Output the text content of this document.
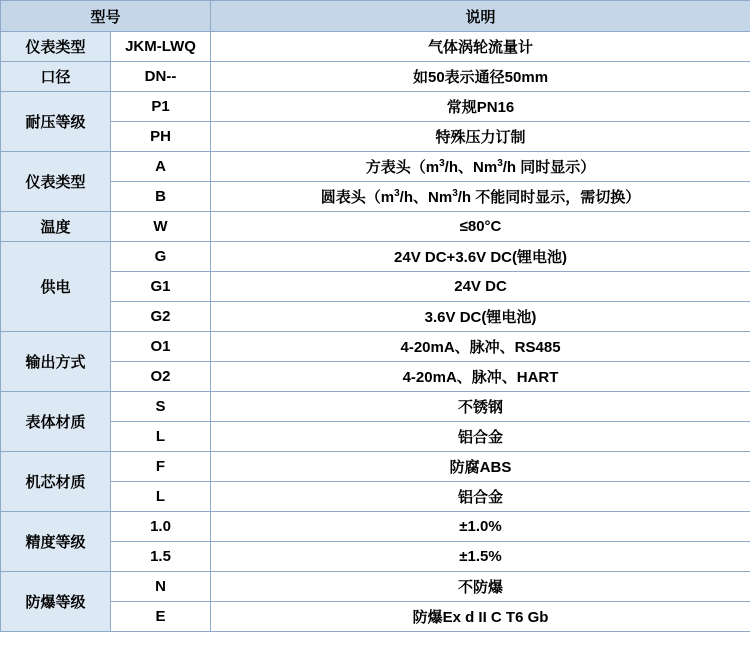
型号		说明
仪表类型	JKM-LWQ	气体涡轮流量计
口径	DN--	如50表示通径50mm
耐压等级	P1	常规PN16
	PH	特殊压力订制
仪表类型	A	方表头（$m^3/h$、Nm$^3$/h 同时显示）
	B	圆表头（$m^3/h$、Nm$^3$/h 不能同时显示，需切换）
温度	W	≤80°C
供电	G	24V DC+3.6V DC(锂电池)
	G1	24V DC
	G2	3.6V DC(锂电池)
输出方式	O1	4-20mA、脉冲、RS485
	O2	4-20mA、脉冲、HART
表体材质	S	不锈钢
	L	铝合金
机芯材质	F	防腐ABS
	L	铝合金
精度等级	1.0	±1.0%
	1.5	±1.5%
防爆等级	N	不防爆
	E	防爆Ex d II C T6 Gb
